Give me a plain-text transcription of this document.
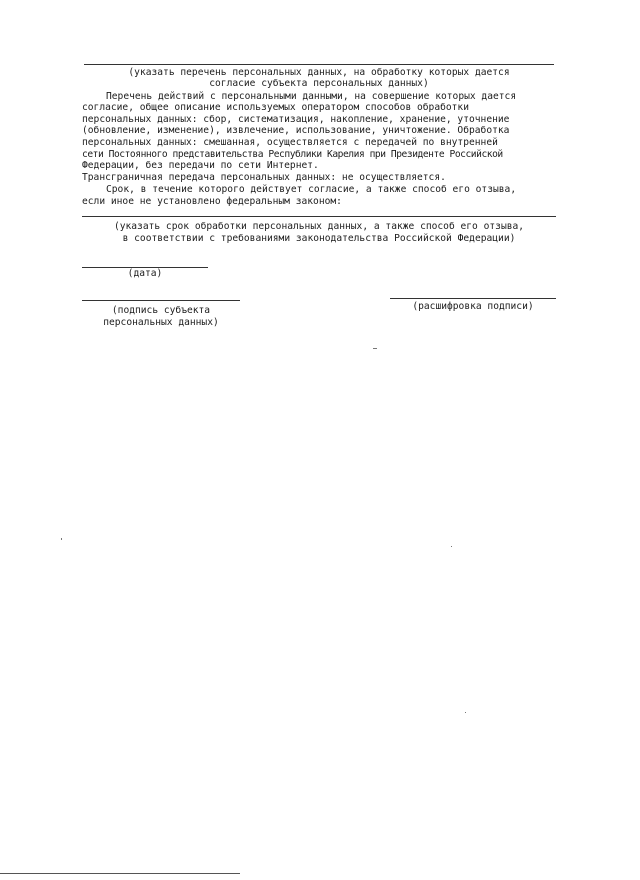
(указать перечень персональных данных, на обработку которых дается
согласие субъекта персональных данных)
Перечень действий с персональными данными, на совершение которых дается
согласие, общее описание используемых оператором способов обработки
персональных данных: сбор, систематизация, накопление, хранение, уточнение
(обновление, изменение), извлечение, использование, уничтожение. Обработка
персональных данных: смешанная, осуществляется с передачей по внутренней
сети Постоянного представительства Республики Карелия при Президенте Российской
Федерации, без передачи по сети Интернет.
Трансграничная передача персональных данных: не осуществляется.
Срок, в течение которого действует согласие, а также способ его отзыва,
если иное не установлено федеральным законом:
(указать срок обработки персональных данных, а также способ его отзыва,
в соответствии с требованиями законодательства Российской Федерации)
(дата)
(подпись субъекта
персональных данных)
(расшифровка подписи)
